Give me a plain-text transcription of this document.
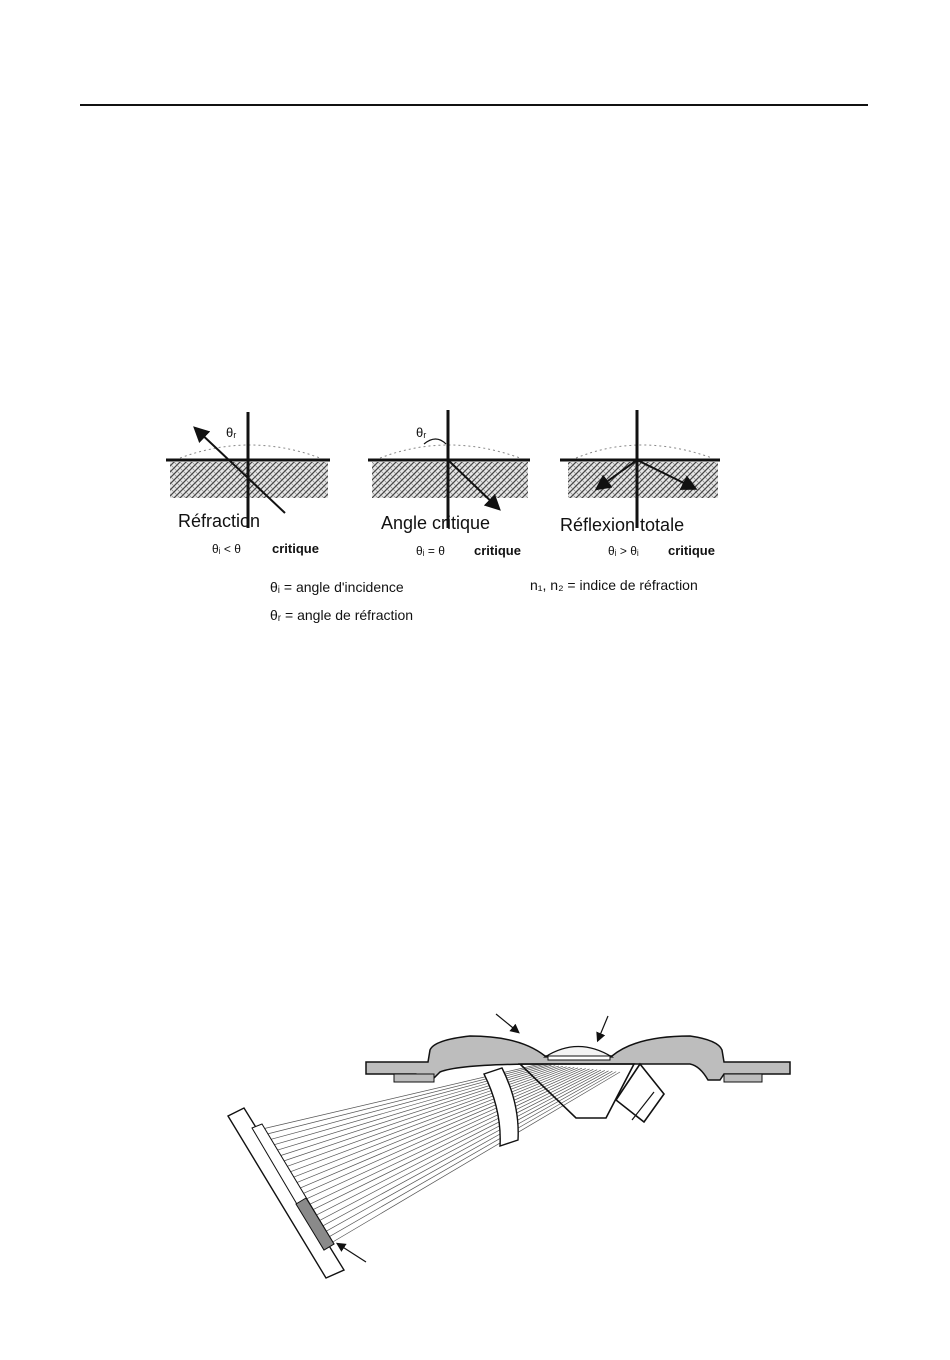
θᵣ
Réfraction
θᵢ < θ critique
θᵣ
Angle critique
θᵢ = θ critique
Réflexion totale
θᵢ > θᵢ critique
θᵢ = angle d'incidence
θᵣ = angle de réfraction
n₁, n₂ = indice de réfraction
